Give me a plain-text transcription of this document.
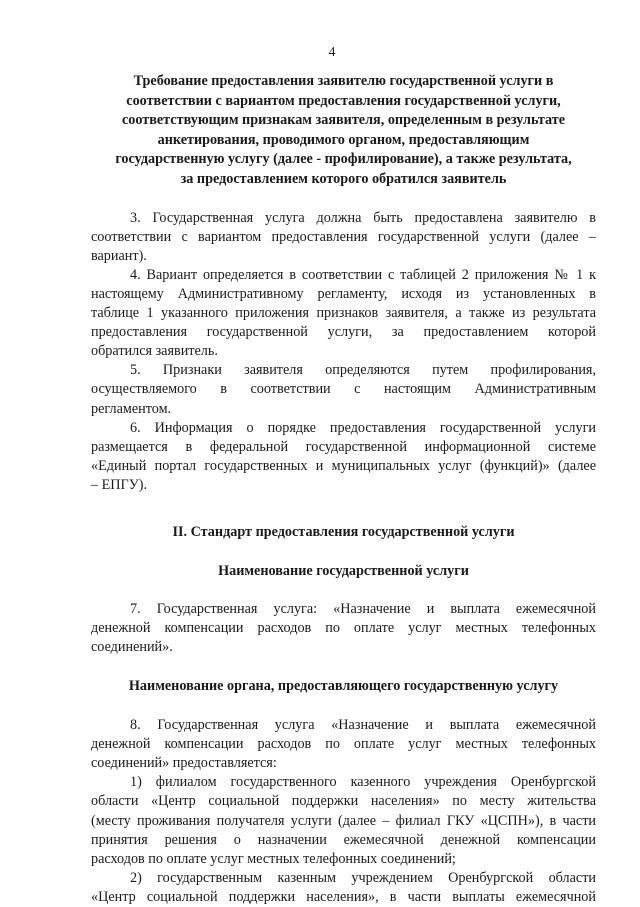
4
Требование предоставления заявителю государственной услуги в
соответствии с вариантом предоставления государственной услуги,
соответствующим признакам заявителя, определенным в результате
анкетирования, проводимого органом, предоставляющим
государственную услугу (далее - профилирование), а также результата,
за предоставлением которого обратился заявитель
3. Государственная услуга должна быть предоставлена заявителю в
соответствии с вариантом предоставления государственной услуги (далее –
вариант).
4. Вариант определяется в соответствии с таблицей 2 приложения № 1 к
настоящему Административному регламенту, исходя из установленных в
таблице 1 указанного приложения признаков заявителя, а также из результата
предоставления государственной услуги, за предоставлением которой
обратился заявитель.
5. Признаки заявителя определяются путем профилирования,
осуществляемого в соответствии с настоящим Административным
регламентом.
6. Информация о порядке предоставления государственной услуги
размещается в федеральной государственной информационной системе
«Единый портал государственных и муниципальных услуг (функций)» (далее
– ЕПГУ).
II. Стандарт предоставления государственной услуги
Наименование государственной услуги
7. Государственная услуга: «Назначение и выплата ежемесячной
денежной компенсации расходов по оплате услуг местных телефонных
соединений».
Наименование органа, предоставляющего государственную услугу
8. Государственная услуга «Назначение и выплата ежемесячной
денежной компенсации расходов по оплате услуг местных телефонных
соединений» предоставляется:
1) филиалом государственного казенного учреждения Оренбургской
области «Центр социальной поддержки населения» по месту жительства
(месту проживания получателя услуги (далее – филиал ГКУ «ЦСПН»), в части
принятия решения о назначении ежемесячной денежной компенсации
расходов по оплате услуг местных телефонных соединений;
2) государственным казенным учреждением Оренбургской области
«Центр социальной поддержки населения», в части выплаты ежемесячной
